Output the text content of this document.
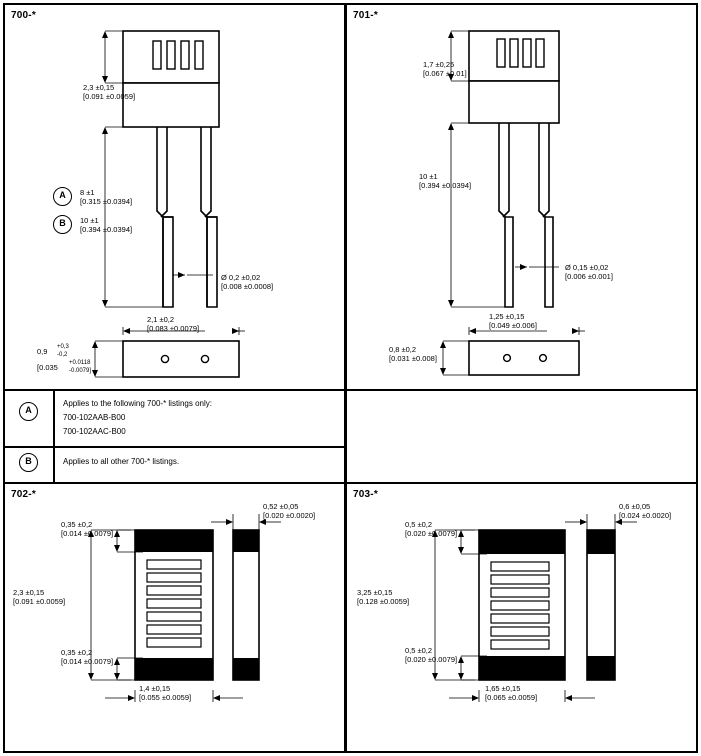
700-*
2,3 ±0,15
[0.091 ±0.0059]
8 ±1
[0.315 ±0.0394]
10 ±1
[0.394 ±0.0394]
A
B
Ø 0,2 ±0,02
[0.008 ±0.0008]
2,1 ±0,2
[0.083 ±0.0079]
0,9 +0,3
-0,2
[0.035 +0.0118
-0.0079]
701-*
1,7 ±0,25
[0.067 ±0.01]
10 ±1
[0.394 ±0.0394]
Ø 0,15 ±0,02
[0.006 ±0.001]
1,25 ±0,15
[0.049 ±0.006]
0,8 ±0,2
[0.031 ±0.008]
A
Applies to the following 700-* listings only:
700-102AAB-B00
700-102AAC-B00
B	Applies to all other 700-* listings.
702-*
0,35 ±0,2
[0.014 ±0.0079]
2,3 ±0,15
[0.091 ±0.0059]
0,35 ±0,2
[0.014 ±0.0079]
1,4 ±0,15
[0.055 ±0.0059]
0,52 ±0,05
[0.020 ±0.0020]
703-*
0,5 ±0,2
[0.020 ±0.0079]
3,25 ±0,15
[0.128 ±0.0059]
0,5 ±0,2
[0.020 ±0.0079]
1,65 ±0,15
[0.065 ±0.0059]
0,6 ±0,05
[0.024 ±0.0020]
